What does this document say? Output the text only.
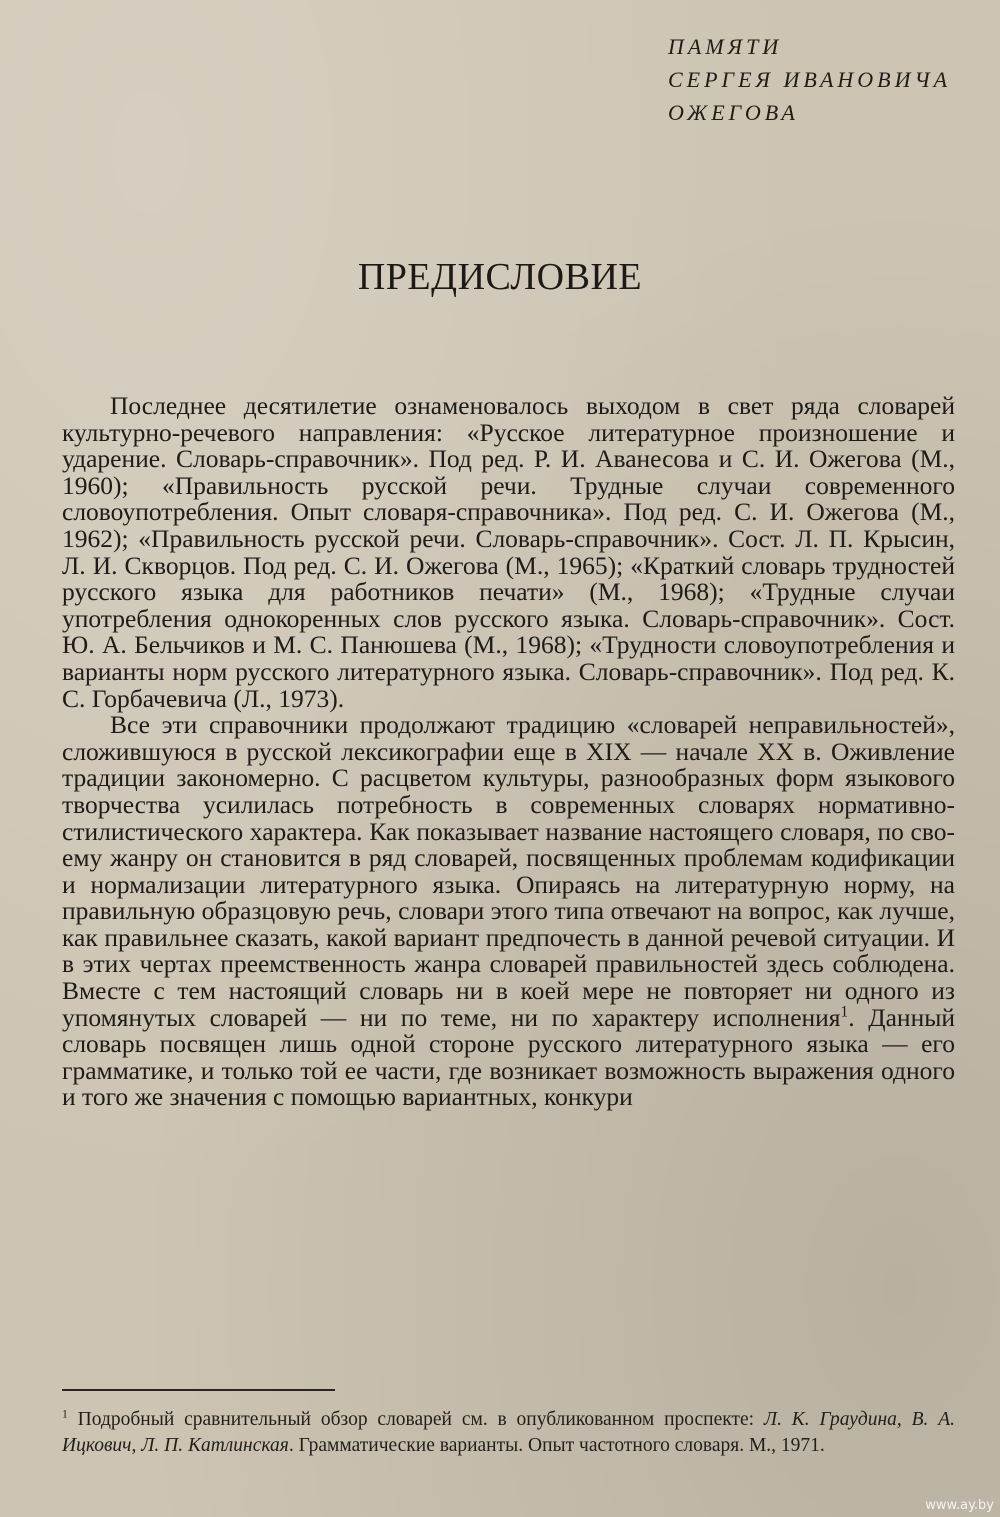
ПАМЯТИ
СЕРГЕЯ ИВАНОВИЧА
ОЖЕГОВА
ПРЕДИСЛОВИЕ

Последнее десятилетие ознаменовалось выходом в свет ряда словарей культурно-речевого направления: «Русское литературное произношение и ударение. Словарь-справочник». Под ред. Р. И. Аванесова и С. И. Ожегова (М., 1960); «Правильность русской речи. Трудные случаи современного словоупотребления. Опыт словаря-справочника». Под ред. С. И. Ожегова (М., 1962); «Правильность русской речи. Словарь-справочник». Сост. Л. П. Крысин, Л. И. Скворцов. Под ред. С. И. Ожегова (М., 1965); «Краткий словарь трудностей русского языка для работников печати» (М., 1968); «Трудные случаи употребления однокоренных слов русского языка. Словарь-справочник». Сост. Ю. А. Бельчиков и М. С. Панюшева (М., 1968); «Трудности словоупотребления и варианты норм русского литературного языка. Словарь-справочник». Под ред. К. С. Горбачевича (Л., 1973).

Все эти справочники продолжают традицию «словарей неправильностей», сложившуюся в русской лексикографии еще в XIX — начале XX в. Оживление традиции закономерно. С расцветом культуры, разнообразных форм языкового творчества усилилась потребность в современных словарях нормативно-стилистического характера. Как показывает название настоящего словаря, по своему жанру он становится в ряд словарей, посвященных проблемам кодификации и нормализации литературного языка. Опираясь на литературную норму, на правильную образцовую речь, словари этого типа отвечают на вопрос, как лучше, как правильнее сказать, какой вариант предпочесть в данной речевой ситуации. И в этих чертах преемственность жанра словарей правильностей здесь соблюдена. Вместе с тем настоящий словарь ни в коей мере не повторяет ни одного из упомянутых словарей — ни по теме, ни по характеру исполнения$^1$. Данный словарь посвящен лишь одной стороне русского литературного языка — его грамматике, и только той ее части, где возникает возможность выражения одного и того же значения с помощью вариантных, конкури

$^1$ Подробный сравнительный обзор словарей см. в опубликованном проспекте: Л. К. Граудина, В. А. Ицкович, Л. П. Катлинская. Грамматические варианты. Опыт частотного словаря. М., 1971.
www.ay.by
